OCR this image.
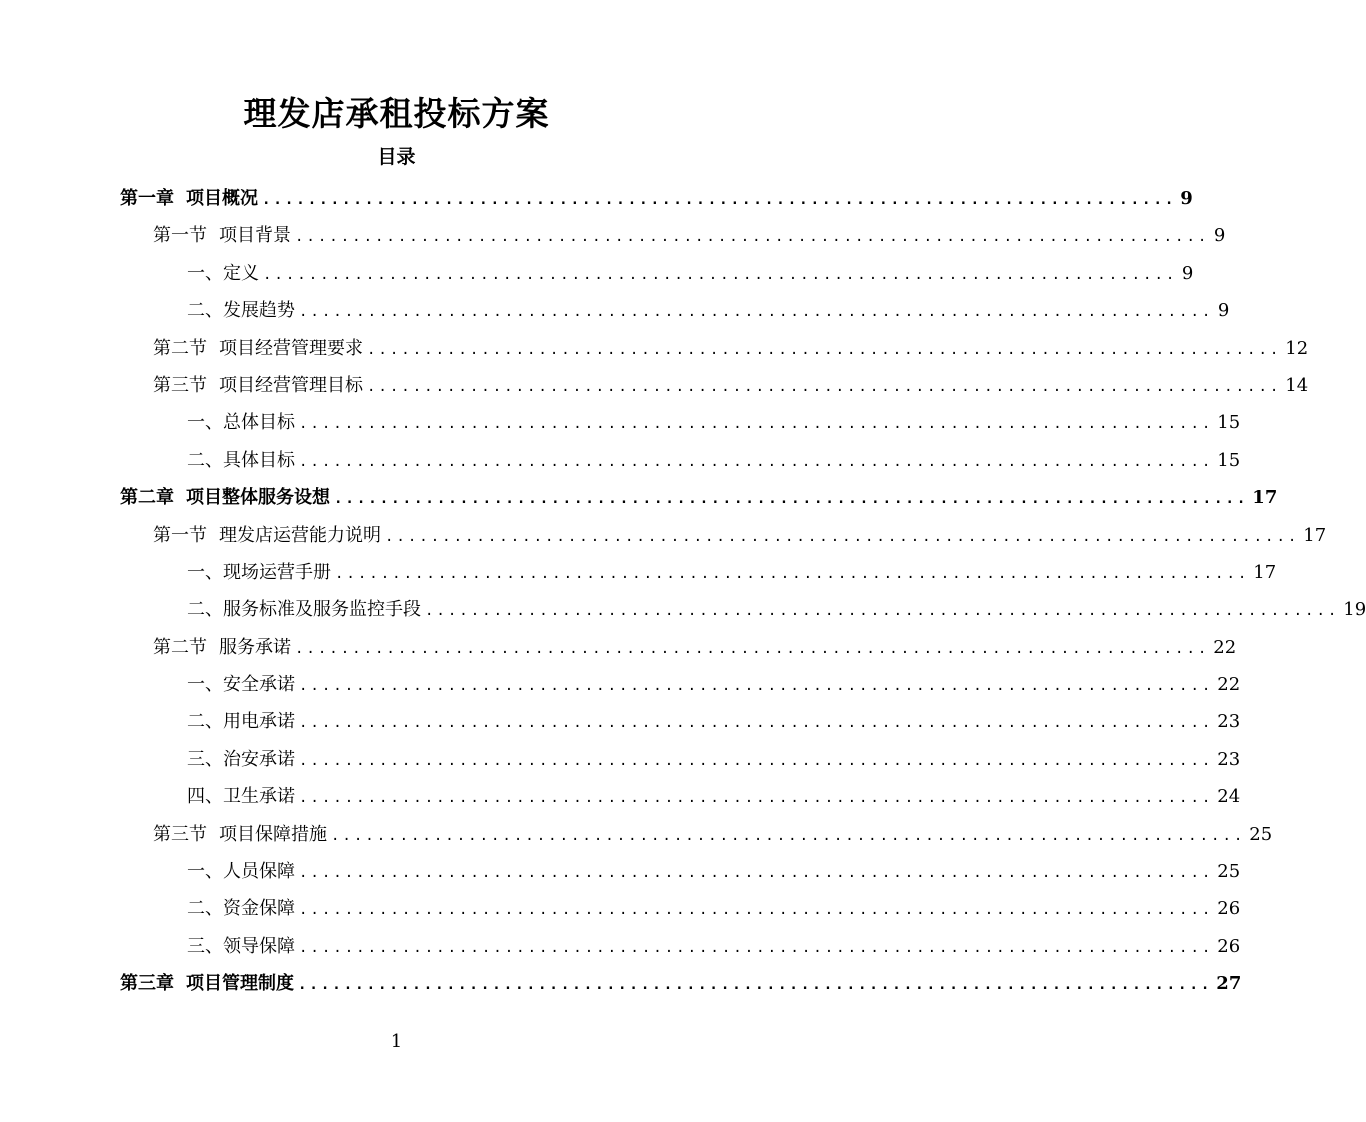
理发店承租投标方案
目录
第一章 项目概况 ................................................................................ 9
第一节 项目背景 ................................................................................ 9
一、定义 ................................................................................ 9
二、发展趋势 ................................................................................ 9
第二节 项目经营管理要求 ................................................................................ 12
第三节 项目经营管理目标 ................................................................................ 14
一、总体目标 ................................................................................ 15
二、具体目标 ................................................................................ 15
第二章 项目整体服务设想 ................................................................................ 17
第一节 理发店运营能力说明 ................................................................................ 17
一、现场运营手册 ................................................................................ 17
二、服务标准及服务监控手段 ................................................................................ 19
第二节 服务承诺 ................................................................................ 22
一、安全承诺 ................................................................................ 22
二、用电承诺 ................................................................................ 23
三、治安承诺 ................................................................................ 23
四、卫生承诺 ................................................................................ 24
第三节 项目保障措施 ................................................................................ 25
一、人员保障 ................................................................................ 25
二、资金保障 ................................................................................ 26
三、领导保障 ................................................................................ 26
第三章 项目管理制度 ................................................................................ 27
1
